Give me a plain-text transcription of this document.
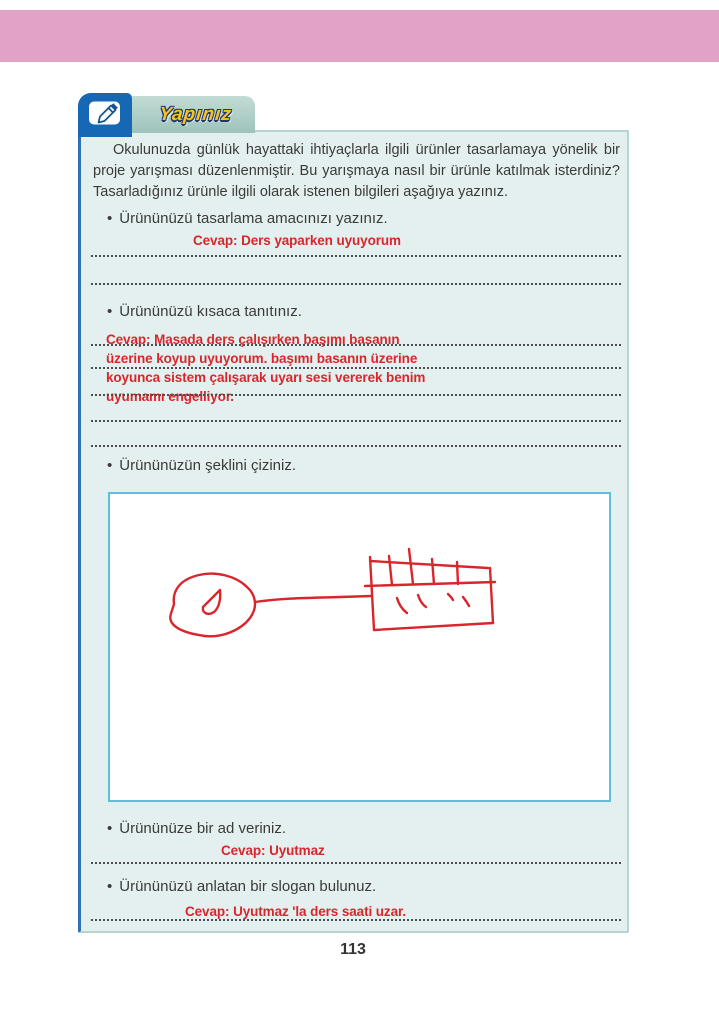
Yapınız

Okulunuzda günlük hayattaki ihtiyaçlarla ilgili ürünler tasarlamaya yönelik bir proje yarışması düzenlenmiştir. Bu yarışmaya nasıl bir ürünle katılmak isterdiniz? Tasarladığınız ürünle ilgili olarak istenen bilgileri aşağıya yazınız.

• Ürününüzü tasarlama amacınızı yazınız.
Cevap: Ders yaparken uyuyorum
• Ürününüzü kısaca tanıtınız.
Cevap: Masada ders çalışırken başımı basanın
üzerine koyup uyuyorum. başımı basanın üzerine
koyunca sistem çalışarak uyarı sesi vererek benim
uyumamı engelliyor.
• Ürününüzün şeklini çiziniz.
• Ürününüze bir ad veriniz.
Cevap: Uyutmaz
• Ürününüzü anlatan bir slogan bulunuz.
Cevap: Uyutmaz 'la ders saati uzar.
113
